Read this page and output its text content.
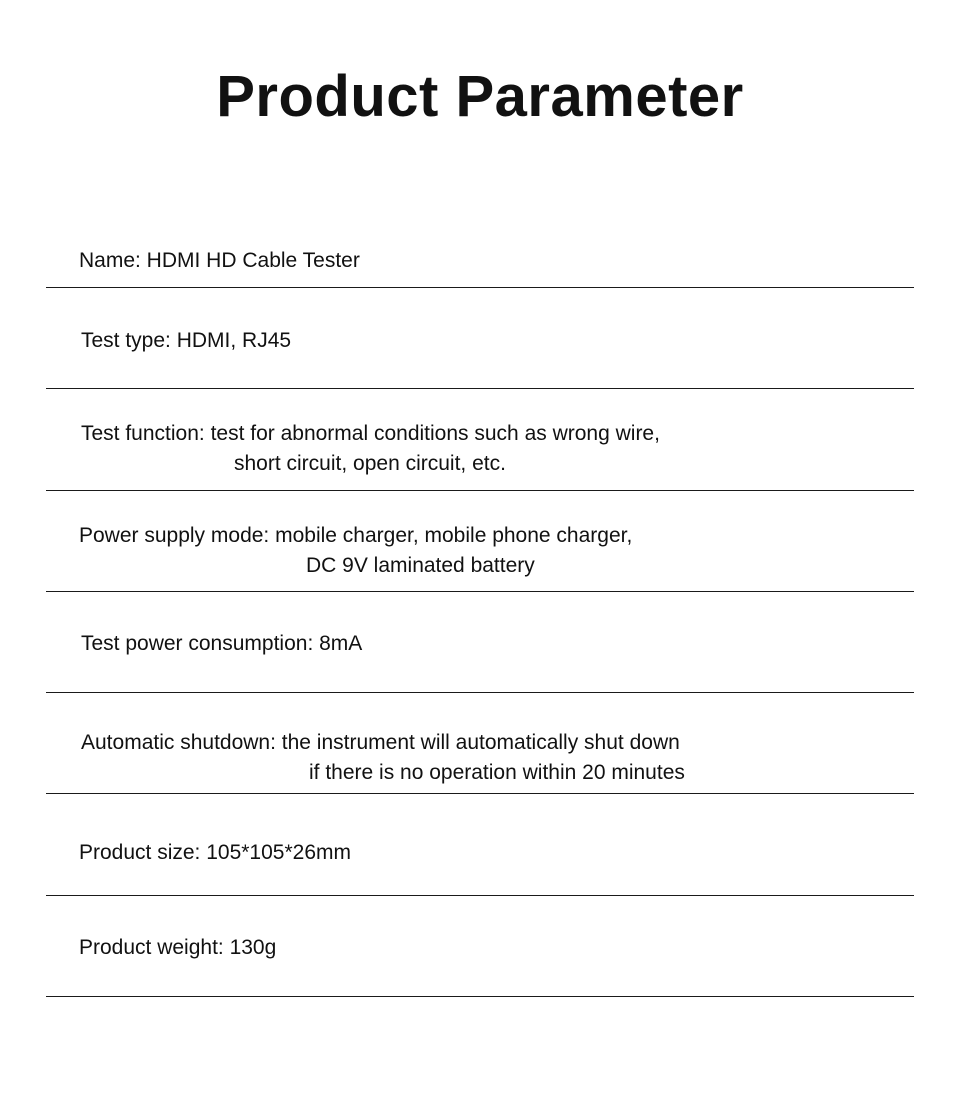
Product Parameter
Name: HDMI HD Cable Tester
Test type: HDMI, RJ45
Test function: test for abnormal conditions such as wrong wire,
short circuit, open circuit, etc.
Power supply mode: mobile charger, mobile phone charger,
DC 9V laminated battery
Test power consumption: 8mA
Automatic shutdown: the instrument will automatically shut down
if there is no operation within 20 minutes
Product size: 105*105*26mm
Product weight: 130g
